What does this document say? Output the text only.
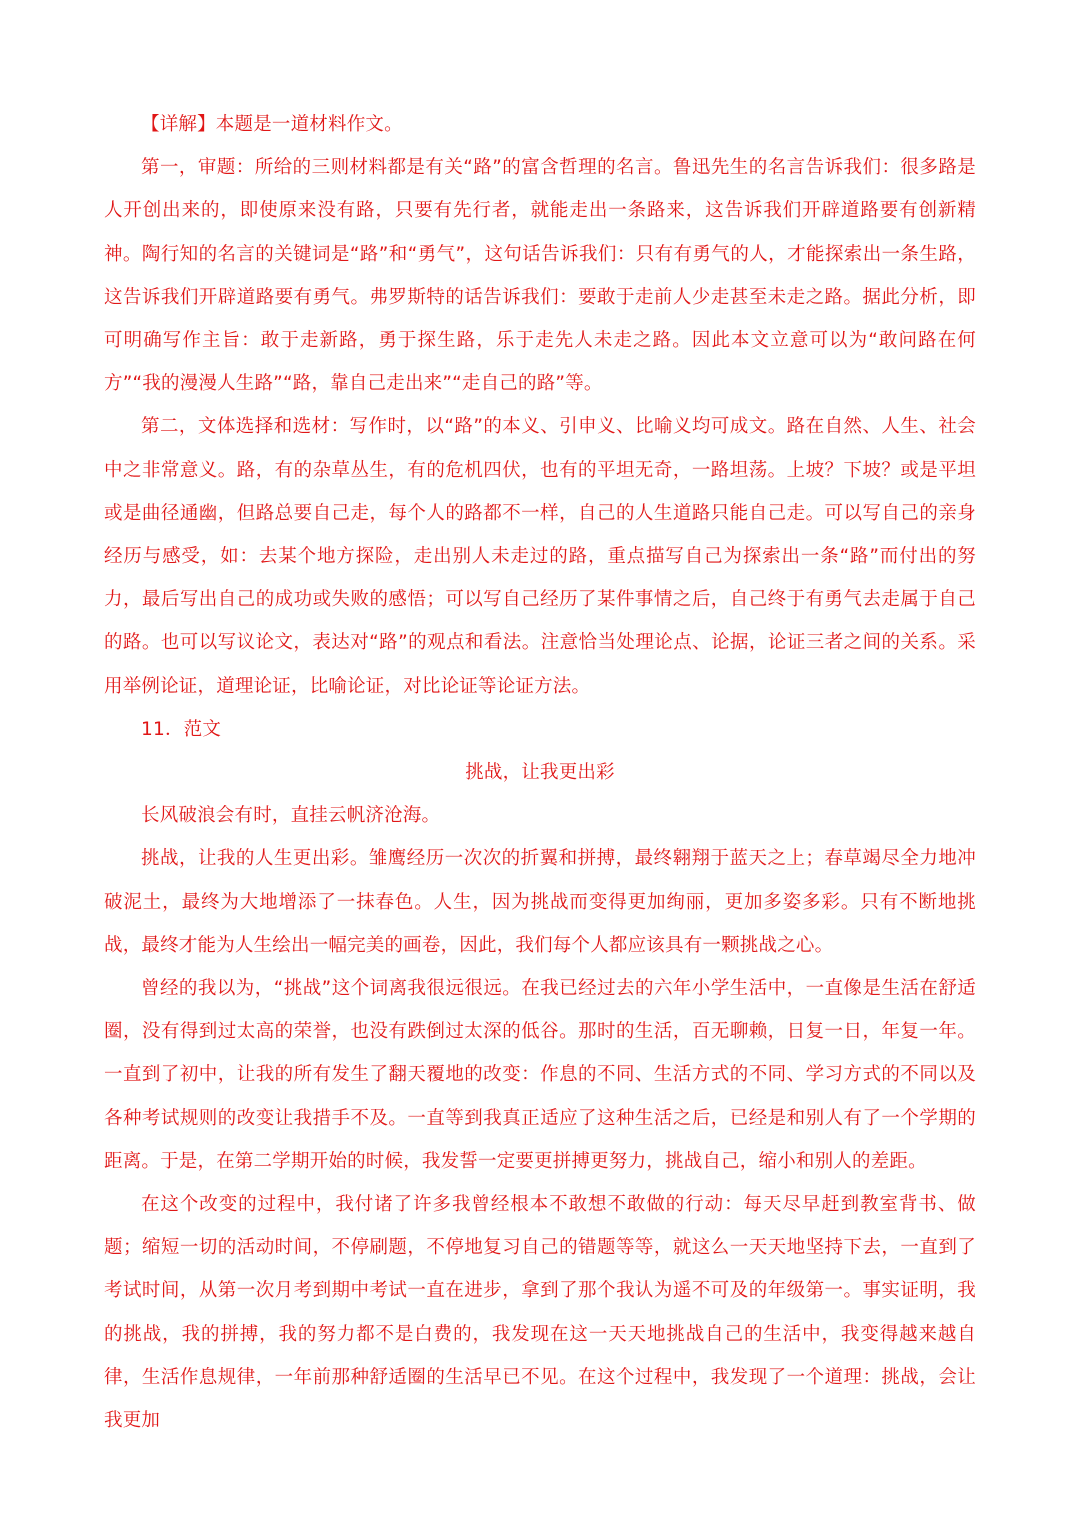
【详解】本题是一道材料作文。

第一，审题：所给的三则材料都是有关“路”的富含哲理的名言。鲁迅先生的名言告诉我们：很多路是人开创出来的，即使原来没有路，只要有先行者，就能走出一条路来，这告诉我们开辟道路要有创新精神。陶行知的名言的关键词是“路”和“勇气”，这句话告诉我们：只有有勇气的人，才能探索出一条生路，这告诉我们开辟道路要有勇气。弗罗斯特的话告诉我们：要敢于走前人少走甚至未走之路。据此分析，即可明确写作主旨：敢于走新路，勇于探生路，乐于走先人未走之路。因此本文立意可以为“敢问路在何方”“我的漫漫人生路”“路，靠自己走出来”“走自己的路”等。

第二，文体选择和选材：写作时，以“路”的本义、引申义、比喻义均可成文。路在自然、人生、社会中之非常意义。路，有的杂草丛生，有的危机四伏，也有的平坦无奇，一路坦荡。上坡？下坡？或是平坦或是曲径通幽，但路总要自己走，每个人的路都不一样，自己的人生道路只能自己走。可以写自己的亲身经历与感受，如：去某个地方探险，走出别人未走过的路，重点描写自己为探索出一条“路”而付出的努力，最后写出自己的成功或失败的感悟；可以写自己经历了某件事情之后，自己终于有勇气去走属于自己的路。也可以写议论文，表达对“路”的观点和看法。注意恰当处理论点、论据，论证三者之间的关系。采用举例论证，道理论证，比喻论证，对比论证等论证方法。

11．范文

挑战，让我更出彩

长风破浪会有时，直挂云帆济沧海。

挑战，让我的人生更出彩。雏鹰经历一次次的折翼和拼搏，最终翱翔于蓝天之上；春草竭尽全力地冲破泥土，最终为大地增添了一抹春色。人生，因为挑战而变得更加绚丽，更加多姿多彩。只有不断地挑战，最终才能为人生绘出一幅完美的画卷，因此，我们每个人都应该具有一颗挑战之心。

曾经的我以为，“挑战”这个词离我很远很远。在我已经过去的六年小学生活中，一直像是生活在舒适圈，没有得到过太高的荣誉，也没有跌倒过太深的低谷。那时的生活，百无聊赖，日复一日，年复一年。一直到了初中，让我的所有发生了翻天覆地的改变：作息的不同、生活方式的不同、学习方式的不同以及各种考试规则的改变让我措手不及。一直等到我真正适应了这种生活之后，已经是和别人有了一个学期的距离。于是，在第二学期开始的时候，我发誓一定要更拼搏更努力，挑战自己，缩小和别人的差距。

在这个改变的过程中，我付诸了许多我曾经根本不敢想不敢做的行动：每天尽早赶到教室背书、做题；缩短一切的活动时间，不停刷题，不停地复习自己的错题等等，就这么一天天地坚持下去，一直到了考试时间，从第一次月考到期中考试一直在进步，拿到了那个我认为遥不可及的年级第一。事实证明，我的挑战，我的拼搏，我的努力都不是白费的，我发现在这一天天地挑战自己的生活中，我变得越来越自律，生活作息规律，一年前那种舒适圈的生活早已不见。在这个过程中，我发现了一个道理：挑战，会让我更加
